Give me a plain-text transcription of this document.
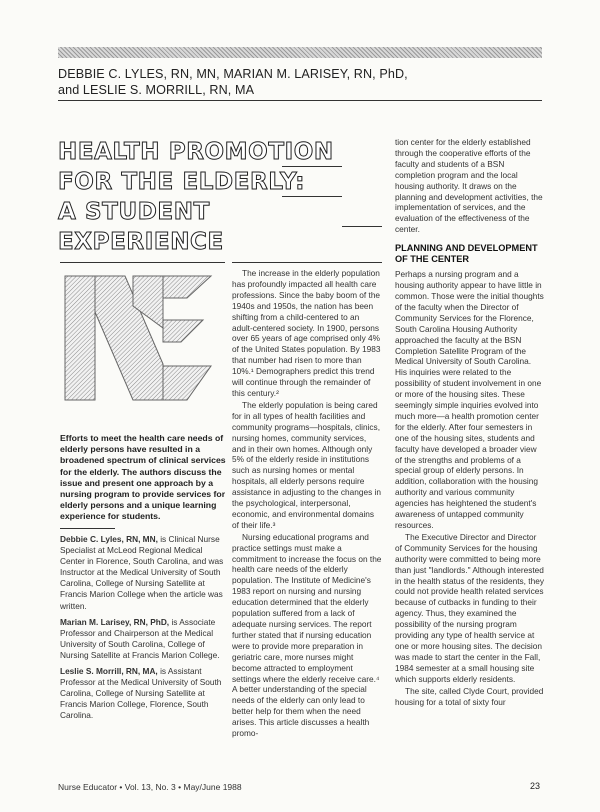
DEBBIE C. LYLES, RN, MN, MARIAN M. LARISEY, RN, PhD,
and LESLIE S. MORRILL, RN, MA
HEALTH PROMOTION
FOR THE ELDERLY:
A STUDENT EXPERIENCE
Efforts to meet the health care needs of elderly persons have resulted in a broadened spectrum of clinical services for the elderly. The authors discuss the issue and present one approach by a nursing program to provide services for elderly persons and a unique learning experience for students.

Debbie C. Lyles, RN, MN, is Clinical Nurse Specialist at McLeod Regional Medical Center in Florence, South Carolina, and was Instructor at the Medical University of South Carolina, College of Nursing Satellite at Francis Marion College when the article was written.

Marian M. Larisey, RN, PhD, is Associate Professor and Chairperson at the Medical University of South Carolina, College of Nursing Satellite at Francis Marion College.

Leslie S. Morrill, RN, MA, is Assistant Professor at the Medical University of South Carolina, College of Nursing Satellite at Francis Marion College, Florence, South Carolina.

The increase in the elderly population has profoundly impacted all health care professions. Since the baby boom of the 1940s and 1950s, the nation has been shifting from a child-centered to an adult-centered society. In 1900, persons over 65 years of age comprised only 4% of the United States population. By 1983 that number had risen to more than 10%.¹ Demographers predict this trend will continue through the remainder of this century.²

The elderly population is being cared for in all types of health facilities and community programs—hospitals, clinics, nursing homes, community services, and in their own homes. Although only 5% of the elderly reside in institutions such as nursing homes or mental hospitals, all elderly persons require assistance in adjusting to the changes in the psychological, interpersonal, economic, and environmental domains of their life.³

Nursing educational programs and practice settings must make a commitment to increase the focus on the health care needs of the elderly population. The Institute of Medicine's 1983 report on nursing and nursing education determined that the elderly population suffered from a lack of adequate nursing services. The report further stated that if nursing education were to provide more preparation in geriatric care, more nurses might become attracted to employment settings where the elderly receive care.⁴ A better understanding of the special needs of the elderly can only lead to better help for them when the need arises. This article discusses a health promo-

tion center for the elderly established through the cooperative efforts of the faculty and students of a BSN completion program and the local housing authority. It draws on the planning and development activities, the implementation of services, and the evaluation of the effectiveness of the center.

PLANNING AND DEVELOPMENT OF THE CENTER

Perhaps a nursing program and a housing authority appear to have little in common. Those were the initial thoughts of the faculty when the Director of Community Services for the Florence, South Carolina Housing Authority approached the faculty at the BSN Completion Satellite Program of the Medical University of South Carolina. His inquiries were related to the possibility of student involvement in one or more of the housing sites. These seemingly simple inquiries evolved into much more—a health promotion center for the elderly. After four semesters in one of the housing sites, students and faculty have developed a broader view of the strengths and problems of a special group of elderly persons. In addition, collaboration with the housing authority and various community agencies has heightened the student's awareness of untapped community resources.

The Executive Director and Director of Community Services for the housing authority were committed to being more than just "landlords." Although interested in the health status of the residents, they could not provide health related services because of cutbacks in funding to their agency. Thus, they examined the possibility of the nursing program providing any type of health service at one or more housing sites. The decision was made to start the center in the Fall, 1984 semester at a small housing site which supports elderly residents.

The site, called Clyde Court, provided housing for a total of sixty four

Nurse Educator • Vol. 13, No. 3 • May/June 1988	23
